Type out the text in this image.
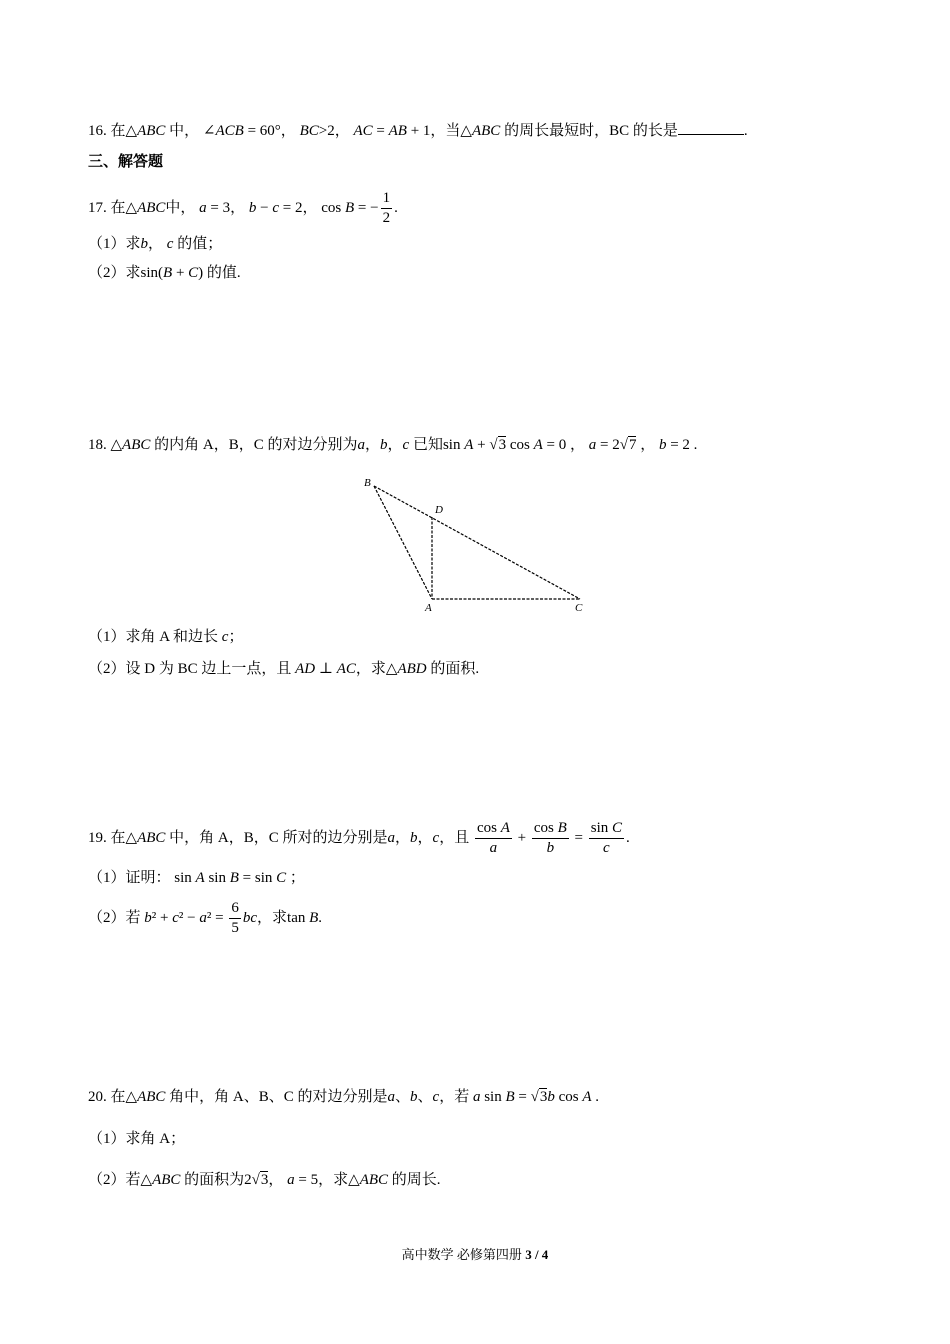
16. 在△ABC 中， ∠ACB = 60°， BC>2， AC = AB + 1，当△ABC 的周长最短时，BC 的长是	.
三、解答题
17. 在△ABC中， a = 3， b − c = 2， cos B = − $\frac{1}{2}$ .
（1）求b， c 的值；
（2）求sin(B + C) 的值.
18. △ABC 的内角 A，B，C 的对边分别为a，b，c 已知sin A + √3 cos A = 0 ， a = 2√7 ， b = 2 .
B
D
A	C
（1）求角 A 和边长 c；
（2）设 D 为 BC 边上一点，且 AD ⊥ AC，求△ABD 的面积.
19. 在△ABC 中，角 A，B，C 所对的边分别是a，b，c，且 $\frac{\text{cos A}}{a} + \frac{\text{cos B}}{b} = \frac{\text{sin C}}{c}$ .
（1）证明： sin A sin B = sin C ；
（2）若 $b^2 + c^2 - a^2 = \frac{6}{5}$ bc，求tan B.
20. 在△ABC 角中，角 A、B、C 的对边分别是a、b、c，若 a sin B = √3b cos A .
（1）求角 A；
（2）若△ABC 的面积为2√3， a = 5，求△ABC 的周长.
高中数学 必修第四册 3 / 4
